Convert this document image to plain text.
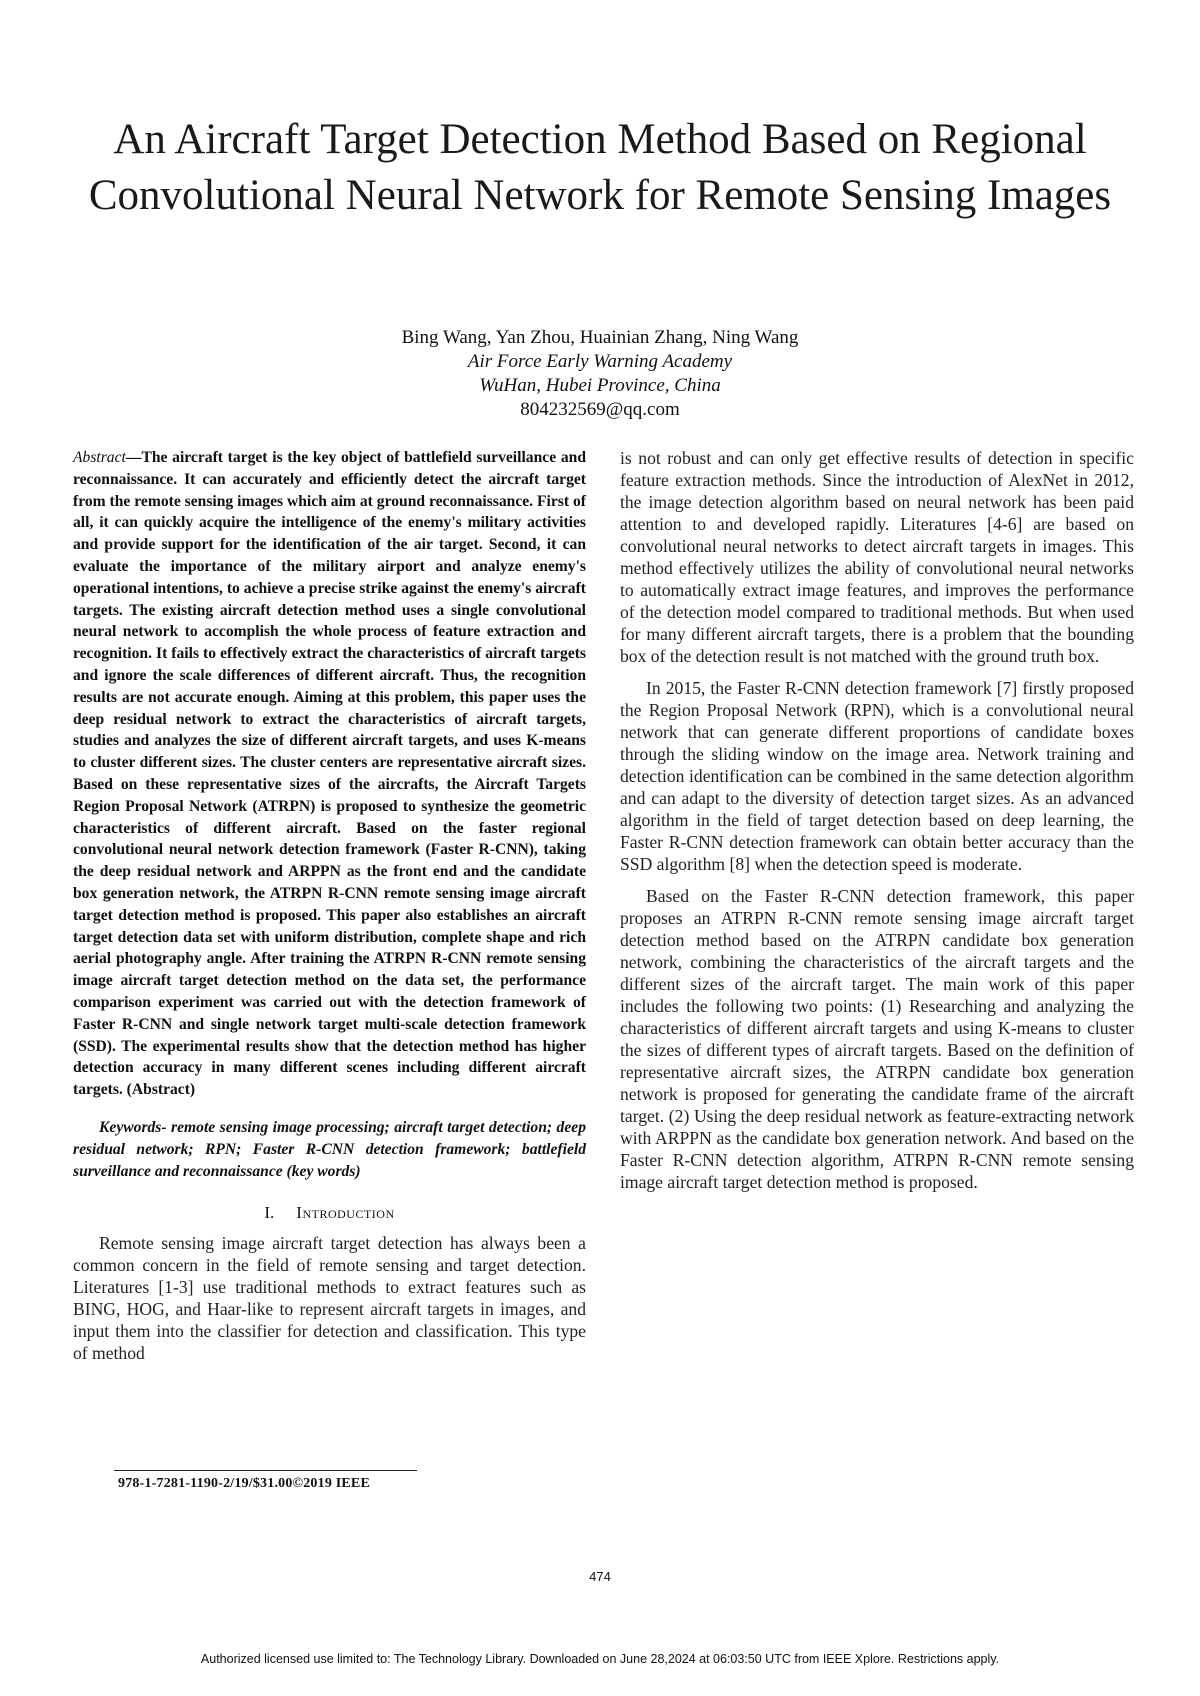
An Aircraft Target Detection Method Based on Regional Convolutional Neural Network for Remote Sensing Images

Bing Wang, Yan Zhou, Huainian Zhang, Ning Wang

Air Force Early Warning Academy

WuHan, Hubei Province, China

804232569@qq.com

Abstract—The aircraft target is the key object of battlefield surveillance and reconnaissance. It can accurately and efficiently detect the aircraft target from the remote sensing images which aim at ground reconnaissance. First of all, it can quickly acquire the intelligence of the enemy's military activities and provide support for the identification of the air target. Second, it can evaluate the importance of the military airport and analyze enemy's operational intentions, to achieve a precise strike against the enemy's aircraft targets. The existing aircraft detection method uses a single convolutional neural network to accomplish the whole process of feature extraction and recognition. It fails to effectively extract the characteristics of aircraft targets and ignore the scale differences of different aircraft. Thus, the recognition results are not accurate enough. Aiming at this problem, this paper uses the deep residual network to extract the characteristics of aircraft targets, studies and analyzes the size of different aircraft targets, and uses K-means to cluster different sizes. The cluster centers are representative aircraft sizes. Based on these representative sizes of the aircrafts, the Aircraft Targets Region Proposal Network (ATRPN) is proposed to synthesize the geometric characteristics of different aircraft. Based on the faster regional convolutional neural network detection framework (Faster R-CNN), taking the deep residual network and ARPPN as the front end and the candidate box generation network, the ATRPN R-CNN remote sensing image aircraft target detection method is proposed. This paper also establishes an aircraft target detection data set with uniform distribution, complete shape and rich aerial photography angle. After training the ATRPN R-CNN remote sensing image aircraft target detection method on the data set, the performance comparison experiment was carried out with the detection framework of Faster R-CNN and single network target multi-scale detection framework (SSD). The experimental results show that the detection method has higher detection accuracy in many different scenes including different aircraft targets. (Abstract)

Keywords- remote sensing image processing; aircraft target detection; deep residual network; RPN; Faster R-CNN detection framework; battlefield surveillance and reconnaissance (key words)

I. Introduction

Remote sensing image aircraft target detection has always been a common concern in the field of remote sensing and target detection. Literatures [1-3] use traditional methods to extract features such as BING, HOG, and Haar-like to represent aircraft targets in images, and input them into the classifier for detection and classification. This type of method

is not robust and can only get effective results of detection in specific feature extraction methods. Since the introduction of AlexNet in 2012, the image detection algorithm based on neural network has been paid attention to and developed rapidly. Literatures [4-6] are based on convolutional neural networks to detect aircraft targets in images. This method effectively utilizes the ability of convolutional neural networks to automatically extract image features, and improves the performance of the detection model compared to traditional methods. But when used for many different aircraft targets, there is a problem that the bounding box of the detection result is not matched with the ground truth box.

In 2015, the Faster R-CNN detection framework [7] firstly proposed the Region Proposal Network (RPN), which is a convolutional neural network that can generate different proportions of candidate boxes through the sliding window on the image area. Network training and detection identification can be combined in the same detection algorithm and can adapt to the diversity of detection target sizes. As an advanced algorithm in the field of target detection based on deep learning, the Faster R-CNN detection framework can obtain better accuracy than the SSD algorithm [8] when the detection speed is moderate.

Based on the Faster R-CNN detection framework, this paper proposes an ATRPN R-CNN remote sensing image aircraft target detection method based on the ATRPN candidate box generation network, combining the characteristics of the aircraft targets and the different sizes of the aircraft target. The main work of this paper includes the following two points: (1) Researching and analyzing the characteristics of different aircraft targets and using K-means to cluster the sizes of different types of aircraft targets. Based on the definition of representative aircraft sizes, the ATRPN candidate box generation network is proposed for generating the candidate frame of the aircraft target. (2) Using the deep residual network as feature-extracting network with ARPPN as the candidate box generation network. And based on the Faster R-CNN detection algorithm, ATRPN R-CNN remote sensing image aircraft target detection method is proposed.

978-1-7281-1190-2/19/$31.00©2019 IEEE
474
Authorized licensed use limited to: The Technology Library. Downloaded on June 28,2024 at 06:03:50 UTC from IEEE Xplore. Restrictions apply.
